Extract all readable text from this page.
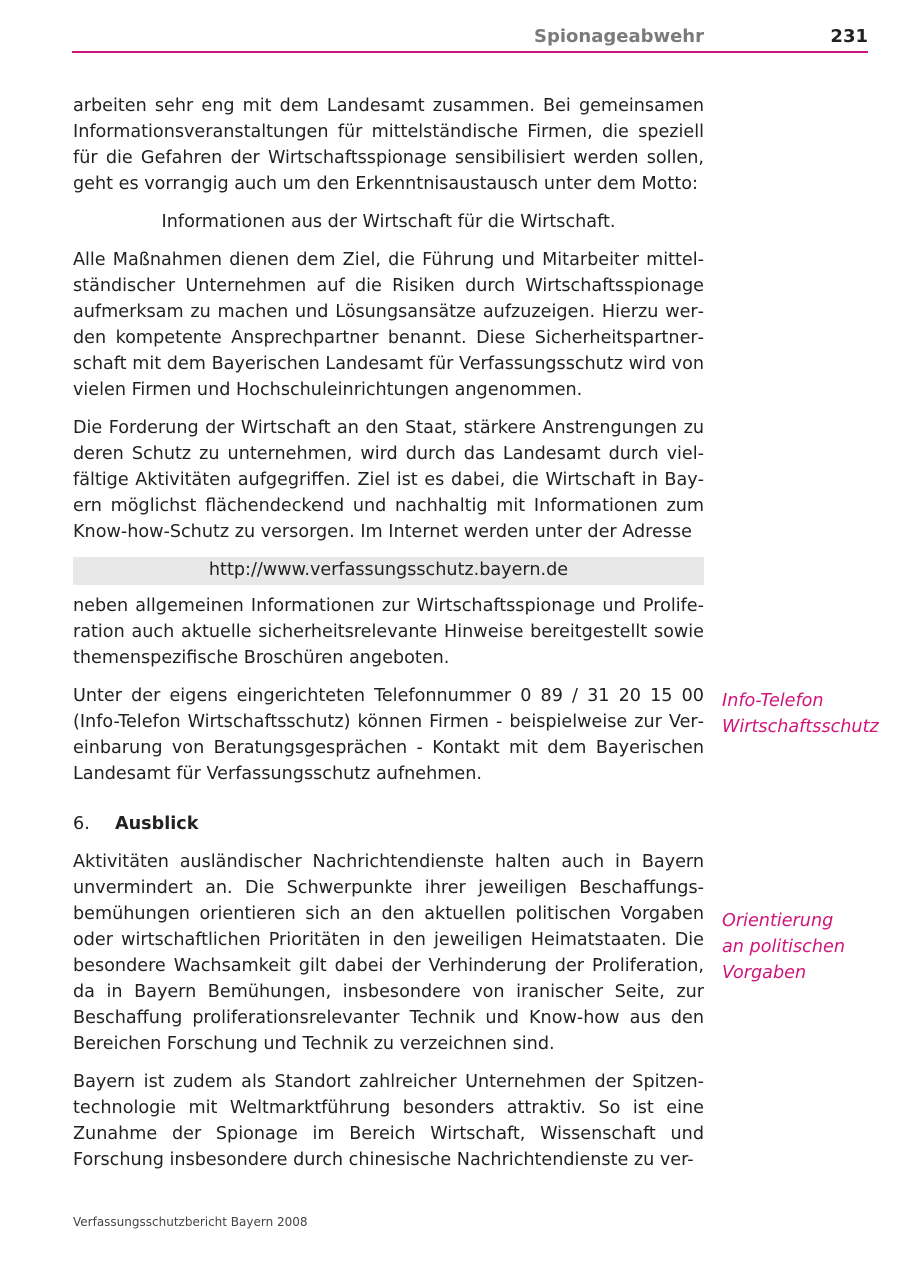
Spionageabwehr	231

arbeiten sehr eng mit dem Landesamt zusammen. Bei gemeinsamen Informationsveranstaltungen für mittelständische Firmen, die speziell für die Gefahren der Wirtschaftsspionage sensibilisiert werden sollen, geht es vorrangig auch um den Erkenntnisaustausch unter dem Motto:

Informationen aus der Wirtschaft für die Wirtschaft.

Alle Maßnahmen dienen dem Ziel, die Führung und Mitarbeiter mittelständischer Unternehmen auf die Risiken durch Wirtschaftsspionage aufmerksam zu machen und Lösungsansätze aufzuzeigen. Hierzu werden kompetente Ansprechpartner benannt. Diese Sicherheitspartnerschaft mit dem Bayerischen Landesamt für Verfassungsschutz wird von vielen Firmen und Hochschuleinrichtungen angenommen.

Die Forderung der Wirtschaft an den Staat, stärkere Anstrengungen zu deren Schutz zu unternehmen, wird durch das Landesamt durch vielfältige Aktivitäten aufgegriffen. Ziel ist es dabei, die Wirtschaft in Bayern möglichst flächendeckend und nachhaltig mit Informationen zum Know-how-Schutz zu versorgen. Im Internet werden unter der Adresse

http://www.verfassungsschutz.bayern.de

neben allgemeinen Informationen zur Wirtschaftsspionage und Proliferation auch aktuelle sicherheitsrelevante Hinweise bereitgestellt sowie themenspezifische Broschüren angeboten.

Unter der eigens eingerichteten Telefonnummer 0 89 / 31 20 15 00 (Info-Telefon Wirtschaftsschutz) können Firmen - beispielweise zur Vereinbarung von Beratungsgesprächen - Kontakt mit dem Bayerischen Landesamt für Verfassungsschutz aufnehmen.

6. Ausblick

Aktivitäten ausländischer Nachrichtendienste halten auch in Bayern unvermindert an. Die Schwerpunkte ihrer jeweiligen Beschaffungsbemühungen orientieren sich an den aktuellen politischen Vorgaben oder wirtschaftlichen Prioritäten in den jeweiligen Heimatstaaten. Die besondere Wachsamkeit gilt dabei der Verhinderung der Proliferation, da in Bayern Bemühungen, insbesondere von iranischer Seite, zur Beschaffung proliferationsrelevanter Technik und Know-how aus den Bereichen Forschung und Technik zu verzeichnen sind.

Bayern ist zudem als Standort zahlreicher Unternehmen der Spitzentechnologie mit Weltmarktführung besonders attraktiv. So ist eine Zunahme der Spionage im Bereich Wirtschaft, Wissenschaft und Forschung insbesondere durch chinesische Nachrichtendienste zu ver-

Info-Telefon
Wirtschaftsschutz
Orientierung
an politischen
Vorgaben
Verfassungsschutzbericht Bayern 2008
